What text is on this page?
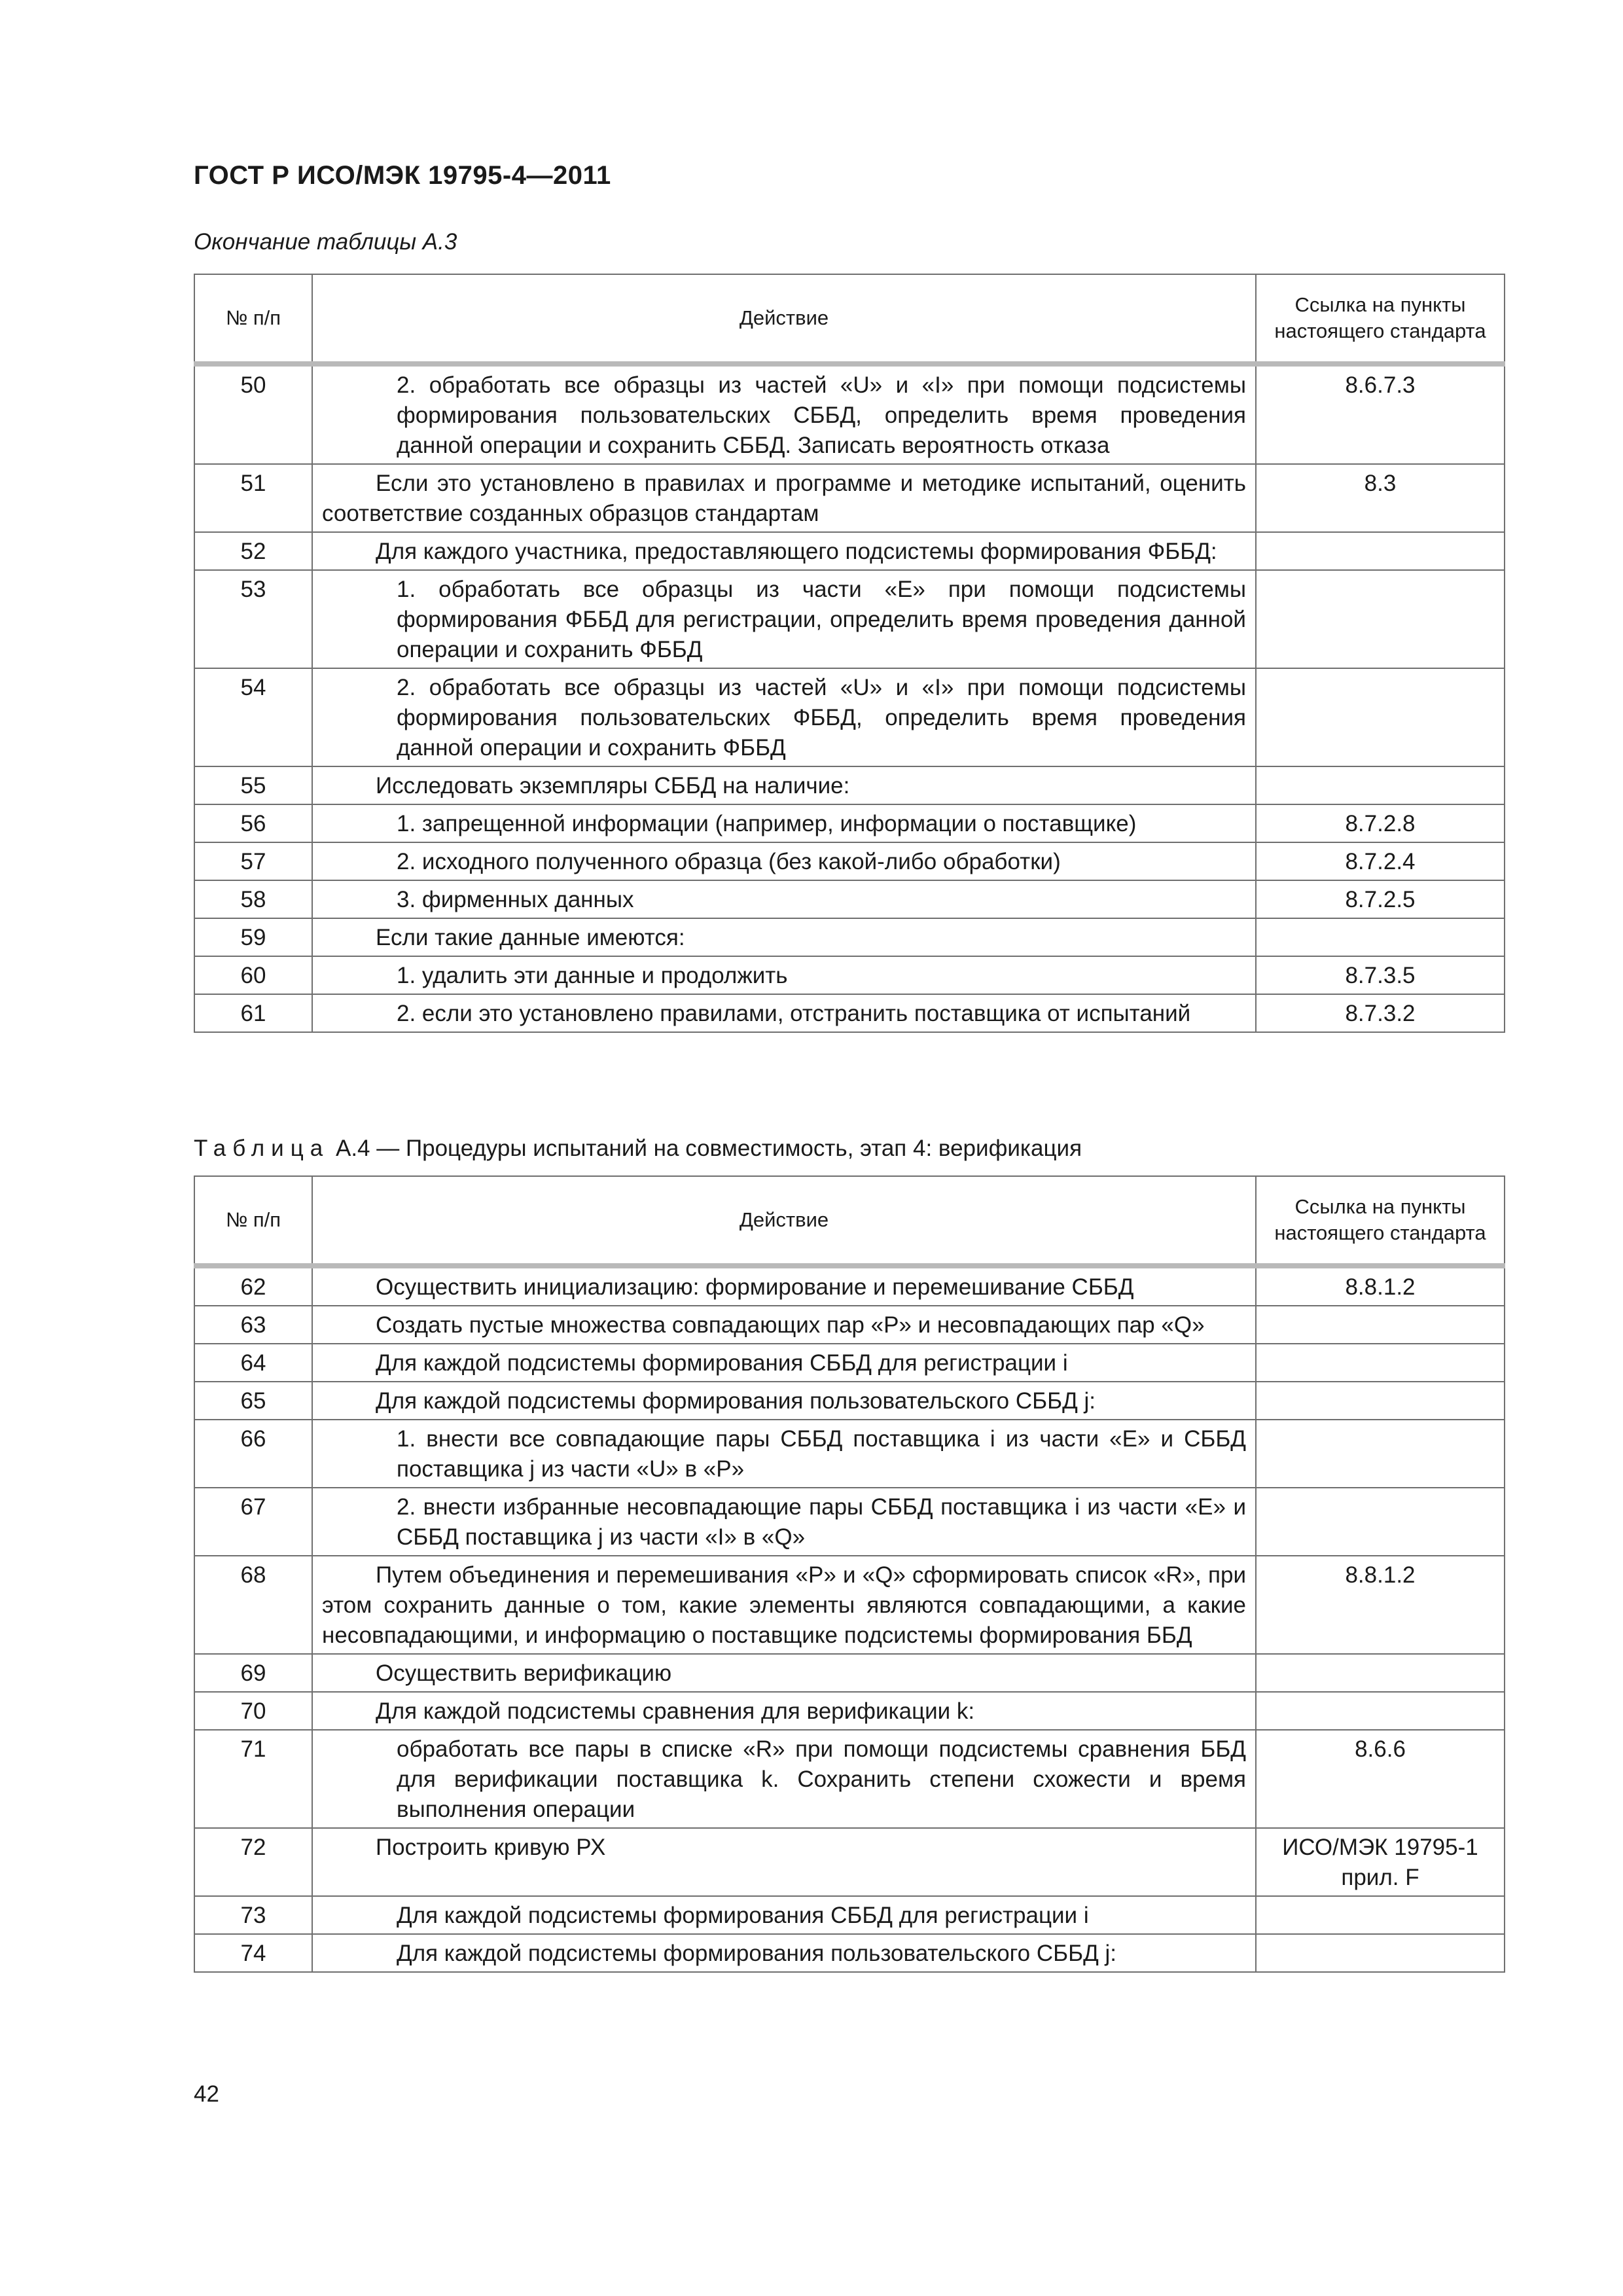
ГОСТ Р ИСО/МЭК 19795-4—2011
Окончание таблицы А.3
№ п/п	Действие	Ссылка на пункты настоящего стандарта
50	2. обработать все образцы из частей «U» и «I» при помощи подсистемы формирования пользовательских СББД, определить время проведения данной операции и сохранить СББД. Записать вероятность отказа	8.6.7.3
51	Если это установлено в правилах и программе и методике испытаний, оценить соответствие созданных образцов стандартам	8.3
52	Для каждого участника, предоставляющего подсистемы формирования ФББД:	
53	1. обработать все образцы из части «E» при помощи подсистемы формирования ФББД для регистрации, определить время проведения данной операции и сохранить ФББД	
54	2. обработать все образцы из частей «U» и «I» при помощи подсистемы формирования пользовательских ФББД, определить время проведения данной операции и сохранить ФББД	
55	Исследовать экземпляры СББД на наличие:	
56	1. запрещенной информации (например, информации о поставщике)	8.7.2.8
57	2. исходного полученного образца (без какой-либо обработки)	8.7.2.4
58	3. фирменных данных	8.7.2.5
59	Если такие данные имеются:	
60	1. удалить эти данные и продолжить	8.7.3.5
61	2. если это установлено правилами, отстранить поставщика от испытаний	8.7.3.2
Таблица А.4 — Процедуры испытаний на совместимость, этап 4: верификация
№ п/п	Действие	Ссылка на пункты настоящего стандарта
62	Осуществить инициализацию: формирование и перемешивание СББД	8.8.1.2
63	Создать пустые множества совпадающих пар «P» и несовпадающих пар «Q»	
64	Для каждой подсистемы формирования СББД для регистрации i	
65	Для каждой подсистемы формирования пользовательского СББД j:	
66	1. внести все совпадающие пары СББД поставщика i из части «E» и СББД поставщика j из части «U» в «P»	
67	2. внести избранные несовпадающие пары СББД поставщика i из части «E» и СББД поставщика j из части «I» в «Q»	
68	Путем объединения и перемешивания «P» и «Q» сформировать список «R», при этом сохранить данные о том, какие элементы являются совпадающими, а какие несовпадающими, и информацию о поставщике подсистемы формирования ББД	8.8.1.2
69	Осуществить верификацию	
70	Для каждой подсистемы сравнения для верификации k:	
71	обработать все пары в списке «R» при помощи подсистемы сравнения ББД для верификации поставщика k. Сохранить степени схожести и время выполнения операции	8.6.6
72	Построить кривую РХ	ИСО/МЭК 19795-1 прил. F
73	Для каждой подсистемы формирования СББД для регистрации i	
74	Для каждой подсистемы формирования пользовательского СББД j:	
42
